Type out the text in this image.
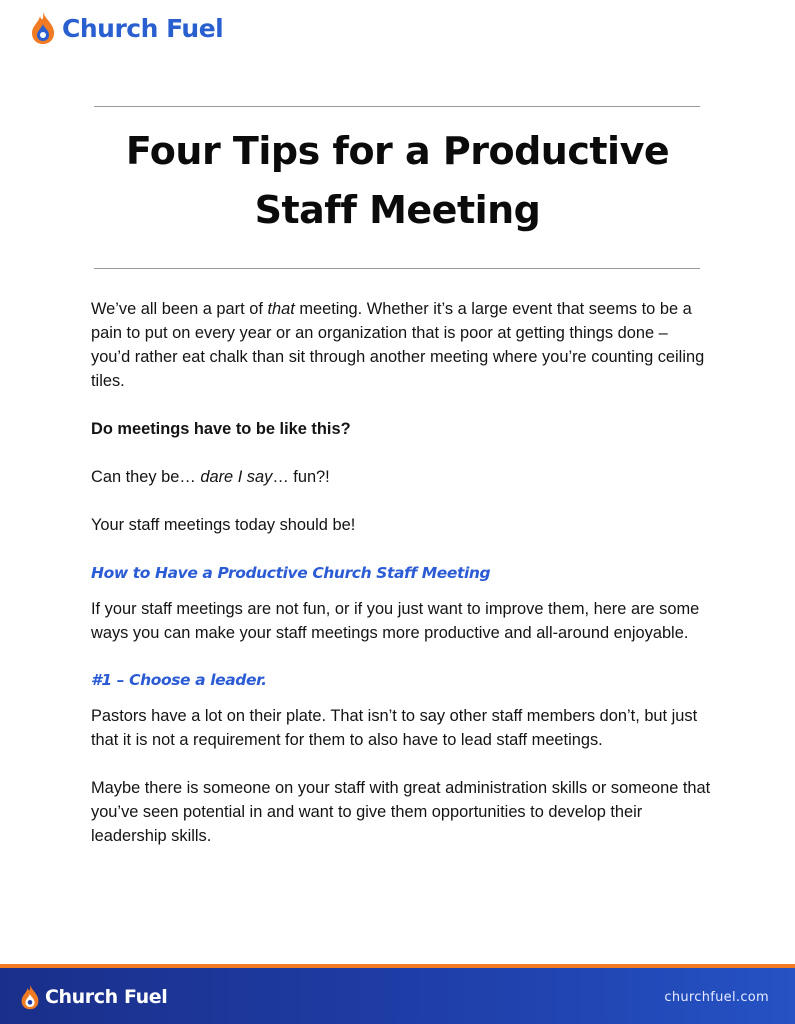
Church Fuel
Four Tips for a Productive
Staff Meeting

We’ve all been a part of that meeting. Whether it’s a large event that seems to be a pain to put on every year or an organization that is poor at getting things done – you’d rather eat chalk than sit through another meeting where you’re counting ceiling tiles.

Do meetings have to be like this?

Can they be… dare I say… fun?!

Your staff meetings today should be!

How to Have a Productive Church Staff Meeting

If your staff meetings are not fun, or if you just want to improve them, here are some ways you can make your staff meetings more productive and all-around enjoyable.

#1 – Choose a leader.

Pastors have a lot on their plate. That isn’t to say other staff members don’t, but just that it is not a requirement for them to also have to lead staff meetings.

Maybe there is someone on your staff with great administration skills or someone that you’ve seen potential in and want to give them opportunities to develop their leadership skills.

Church Fuel	churchfuel.com
